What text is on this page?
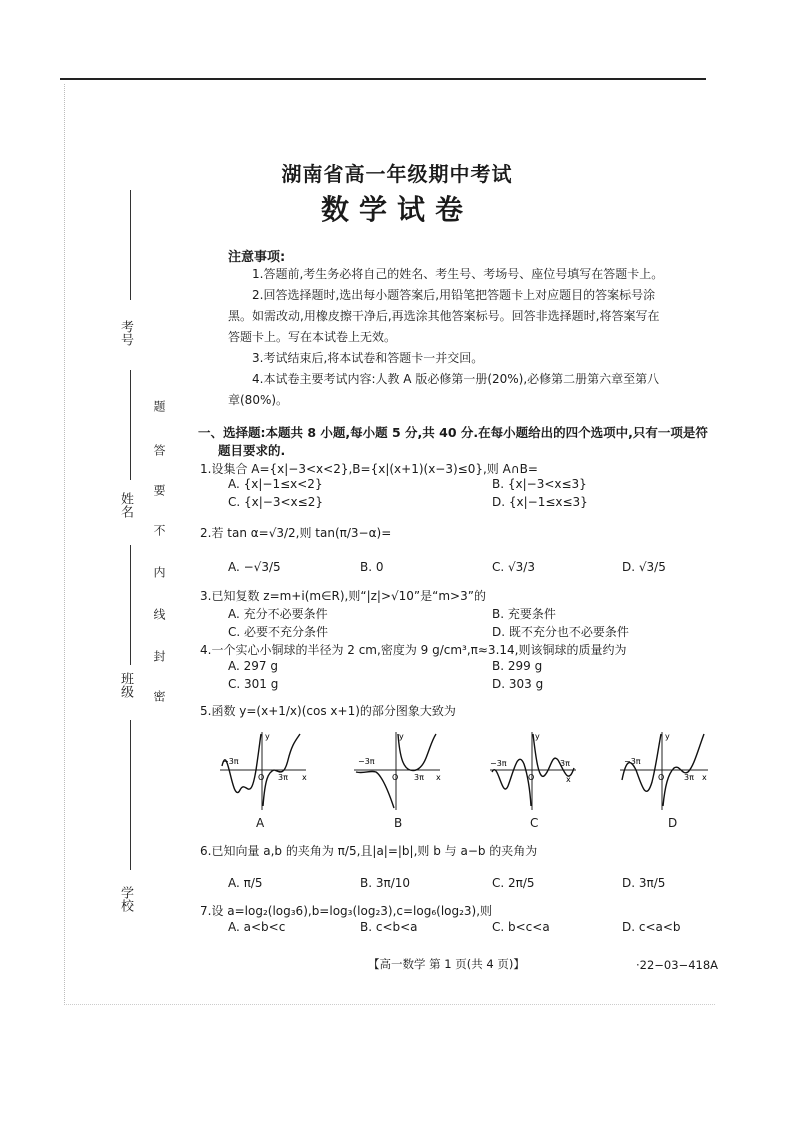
考号
姓名
班级
学校
题
答
要
不
内
线
封
密
湖南省高一年级期中考试
数学试卷
注意事项:
1.答题前,考生务必将自己的姓名、考生号、考场号、座位号填写在答题卡上。
2.回答选择题时,选出每小题答案后,用铅笔把答题卡上对应题目的答案标号涂
黑。如需改动,用橡皮擦干净后,再选涂其他答案标号。回答非选择题时,将答案写在
答题卡上。写在本试卷上无效。
3.考试结束后,将本试卷和答题卡一并交回。
4.本试卷主要考试内容:人教 A 版必修第一册(20%),必修第二册第六章至第八
章(80%)。
一、选择题:本题共 8 小题,每小题 5 分,共 40 分.在每小题给出的四个选项中,只有一项是符
题目要求的.
1.设集合 A={x|−3<x<2},B={x|(x+1)(x−3)≤0},则 A∩B=
A. {x|−1≤x<2}	B. {x|−3<x≤3}
C. {x|−3<x≤2}	D. {x|−1≤x≤3}
2.若 tan α=√3/2,则 tan(π/3−α)=
A. −√3/5	B. 0	C. √3/3	D. √3/5
3.已知复数 z=m+i(m∈R),则“|z|>√10”是“m>3”的
A. 充分不必要条件	B. 充要条件
C. 必要不充分条件	D. 既不充分也不必要条件
4.一个实心小铜球的半径为 2 cm,密度为 9 g/cm³,π≈3.14,则该铜球的质量约为
A. 297 g	B. 299 g
C. 301 g	D. 303 g
5.函数 y=(x+1/x)(cos x+1)的部分图象大致为
−3π
O 3π x
y
A
−3π
O 3π x
y
B
−3π
O
3π
x
y
C
−3π
O 3π x
y
D
6.已知向量 a,b 的夹角为 π/5,且|a|=|b|,则 b 与 a−b 的夹角为
A. π/5	B. 3π/10	C. 2π/5	D. 3π/5
7.设 a=log₂(log₃6),b=log₃(log₂3),c=log₆(log₂3),则
A. a<b<c	B. c<b<a	C. b<c<a	D. c<a<b
【高一数学 第 1 页(共 4 页)】	·22−03−418A
